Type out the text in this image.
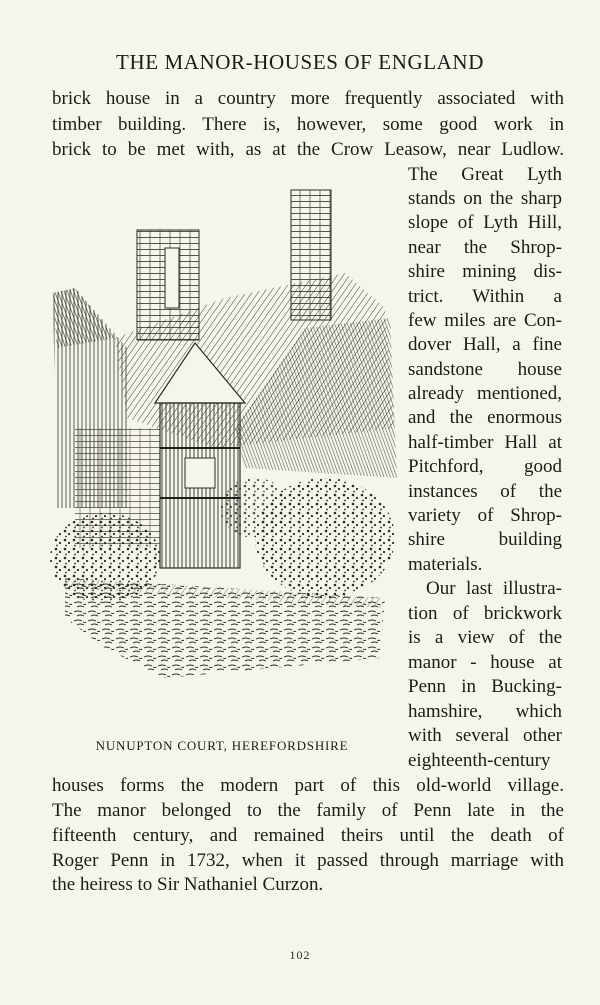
THE MANOR-HOUSES OF ENGLAND
brick house in a country more frequently associated with
timber building. There is, however, some good work in
brick to be met with, as at the Crow Leasow, near Ludlow.
The Great Lyth
stands on the sharp
slope of Lyth Hill,
near the Shrop-
shire mining dis-
trict. Within a
few miles are Con-
dover Hall, a fine
sandstone house
already mentioned,
and the enormous
half-timber Hall at
Pitchford, good
instances of the
variety of Shrop-
shire building
materials.
Our last illustra-
tion of brickwork
is a view of the
manor - house at
Penn in Bucking-
hamshire, which
with several other
eighteenth-century
NUNUPTON COURT, HEREFORDSHIRE
houses forms the modern part of this old-world village.
The manor belonged to the family of Penn late in the
fifteenth century, and remained theirs until the death of
Roger Penn in 1732, when it passed through marriage with
the heiress to Sir Nathaniel Curzon.
102
